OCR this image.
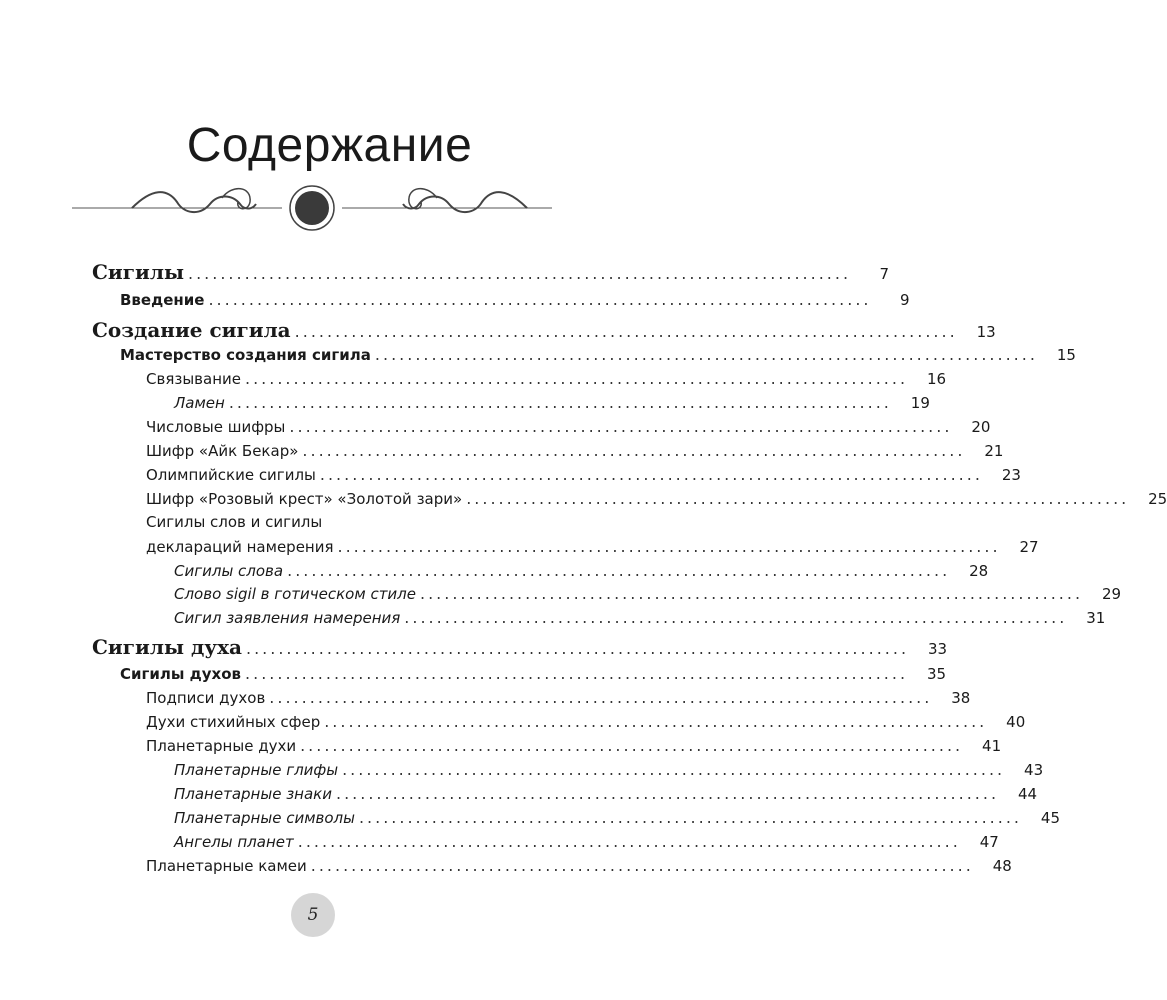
Содержание
Сигилы ..................................................................................	7
Введение ..................................................................................	9
Создание сигила ..................................................................................	13
Мастерство создания сигила ..................................................................................	15
Связывание ..................................................................................	16
Ламен ..................................................................................	19
Числовые шифры ..................................................................................	20
Шифр «Айк Бекар» ..................................................................................	21
Олимпийские сигилы ..................................................................................	23
Шифр «Розовый крест» «Золотой зари» ..................................................................................	25
Сигилы слов и сигилы
деклараций намерения ..................................................................................	27
Сигилы слова ..................................................................................	28
Слово sigil в готическом стиле ..................................................................................	29
Сигил заявления намерения ..................................................................................	31
Сигилы духа ..................................................................................	33
Сигилы духов ..................................................................................	35
Подписи духов ..................................................................................	38
Духи стихийных сфер ..................................................................................	40
Планетарные духи ..................................................................................	41
Планетарные глифы ..................................................................................	43
Планетарные знаки ..................................................................................	44
Планетарные символы ..................................................................................	45
Ангелы планет ..................................................................................	47
Планетарные камеи ..................................................................................	48
5
